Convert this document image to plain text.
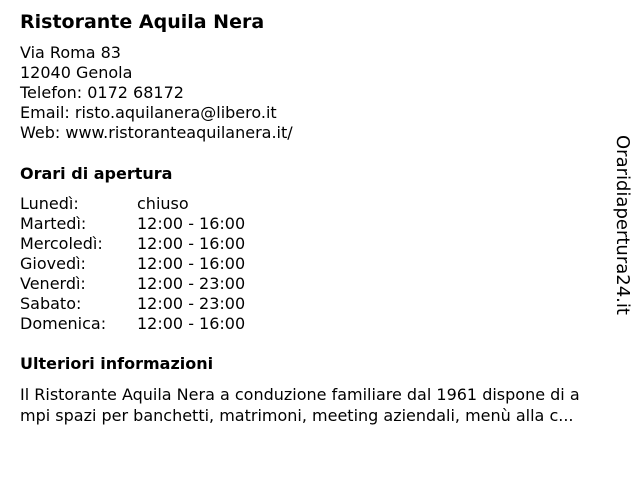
Ristorante Aquila Nera
Via Roma 83
12040 Genola
Telefon: 0172 68172
Email: risto.aquilanera@libero.it
Web: www.ristoranteaquilanera.it/
Orari di apertura
Lunedì:	chiuso
Martedì:	12:00 - 16:00
Mercoledì:	12:00 - 16:00
Giovedì:	12:00 - 16:00
Venerdì:	12:00 - 23:00
Sabato:	12:00 - 23:00
Domenica:	12:00 - 16:00
Ulteriori informazioni
Il Ristorante Aquila Nera a conduzione familiare dal 1961 dispone di a
mpi spazi per banchetti, matrimoni, meeting aziendali, menù alla c...
Oraridiapertura24.it
